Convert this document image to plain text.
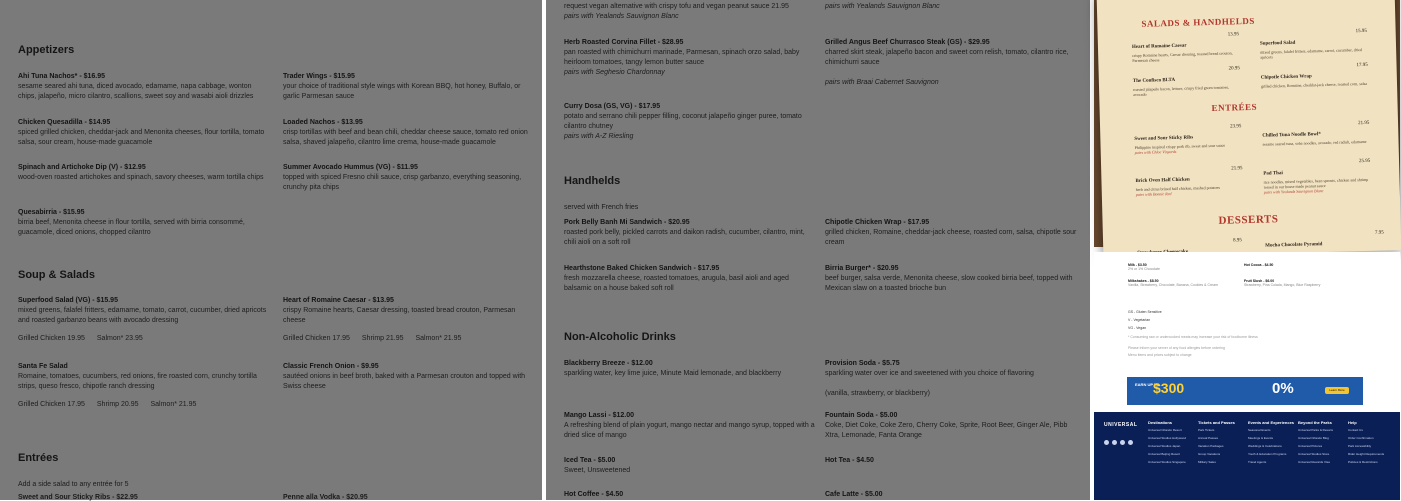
Appetizers
Ahi Tuna Nachos* - $16.95
sesame seared ahi tuna, diced avocado, edamame, napa cabbage, wonton chips, jalapeño, micro cilantro, scallions, sweet soy and wasabi aioli drizzles
Trader Wings - $15.95
your choice of traditional style wings with Korean BBQ, hot honey, Buffalo, or garlic Parmesan sauce
Chicken Quesadilla - $14.95
spiced grilled chicken, cheddar-jack and Menonita cheeses, flour tortilla, tomato salsa, sour cream, house-made guacamole
Loaded Nachos - $13.95
crisp tortillas with beef and bean chili, cheddar cheese sauce, tomato red onion salsa, shaved jalapeño, cilantro lime crema, house-made guacamole
Spinach and Artichoke Dip (V) - $12.95
wood-oven roasted artichokes and spinach, savory cheeses, warm tortilla chips
Summer Avocado Hummus (VG) - $11.95
topped with spiced Fresno chili sauce, crisp garbanzo, everything seasoning, crunchy pita chips
Quesabirria - $15.95
birria beef, Menonita cheese in flour tortilla, served with birria consommé, guacamole, diced onions, chopped cilantro
Soup & Salads
Superfood Salad (VG) - $15.95
mixed greens, falafel fritters, edamame, tomato, carrot, cucumber, dried apricots and roasted garbanzo beans with avocado dressing
Grilled Chicken 19.95 Salmon* 23.95
Heart of Romaine Caesar - $13.95
crispy Romaine hearts, Caesar dressing, toasted bread crouton, Parmesan cheese
Grilled Chicken 17.95 Shrimp 21.95 Salmon* 21.95
Santa Fe Salad
Romaine, tomatoes, cucumbers, red onions, fire roasted corn, crunchy tortilla strips, queso fresco, chipotle ranch dressing
Grilled Chicken 17.95 Shrimp 20.95 Salmon* 21.95
Classic French Onion - $9.95
sautéed onions in beef broth, baked with a Parmesan crouton and topped with Swiss cheese
Entrées
Add a side salad to any entrée for 5
Sweet and Sour Sticky Ribs - $22.95	Penne alla Vodka - $20.95
request vegan alternative with crispy tofu and vegan peanut sauce 21.95
pairs with Yealands Sauvignon Blanc
pairs with Yealands Sauvignon Blanc
Herb Roasted Corvina Fillet - $28.95
pan roasted with chimichurri marinade, Parmesan, spinach orzo salad, baby heirloom tomatoes, tangy lemon butter sauce
pairs with Seghesio Chardonnay
Grilled Angus Beef Churrasco Steak (GS) - $29.95
charred skirt steak, jalapeño bacon and sweet corn relish, tomato, cilantro rice, chimichurri sauce
pairs with Braai Cabernet Sauvignon
Curry Dosa (GS, VG) - $17.95
potato and serrano chili pepper filling, coconut jalapeño ginger puree, tomato cilantro chutney
pairs with A-Z Riesling
Handhelds
served with French fries
Pork Belly Banh Mi Sandwich - $20.95
roasted pork belly, pickled carrots and daikon radish, cucumber, cilantro, mint, chili aioli on a soft roll
Chipotle Chicken Wrap - $17.95
grilled chicken, Romaine, cheddar-jack cheese, roasted corn, salsa, chipotle sour cream
Hearthstone Baked Chicken Sandwich - $17.95
fresh mozzarella cheese, roasted tomatoes, arugula, basil aioli and aged balsamic on a house baked soft roll
Birria Burger* - $20.95
beef burger, salsa verde, Menonita cheese, slow cooked birria beef, topped with Mexican slaw on a toasted brioche bun
Non-Alcoholic Drinks
Blackberry Breeze - $12.00
sparkling water, key lime juice, Minute Maid lemonade, and blackberry
Provision Soda - $5.75
sparkling water over ice and sweetened with you choice of flavoring
(vanilla, strawberry, or blackberry)
Mango Lassi - $12.00
A refreshing blend of plain yogurt, mango nectar and mango syrup, topped with a dried slice of mango
Fountain Soda - $5.00
Coke, Diet Coke, Coke Zero, Cherry Coke, Sprite, Root Beer, Ginger Ale, Pibb Xtra, Lemonade, Fanta Orange
Iced Tea - $5.00
Sweet, Unsweetened
Hot Tea - $4.50
Hot Coffee - $4.50	Cafe Latte - $5.00
SALADS & HANDHELDS
Heart of Romaine Caesar
13.95
crispy Romaine hearts, Caesar dressing, toasted bread crouton, Parmesan cheese
Superfood Salad
15.95
mixed greens, falafel fritters, edamame, carrot, cucumber, dried apricots
The Confisco BLTA
20.95
roasted jalapeño bacon, lettuce, crispy fried green tomatoes, avocado
Chipotle Chicken Wrap
17.95
grilled chicken, Romaine, cheddar-jack cheese, roasted corn, salsa
ENTRÉES
Sweet and Sour Sticky Ribs
23.95
Philippine inspired crispy pork rib, sweet and sour sauce
pairs with Chloe Vinyards
Chilled Tuna Noodle Bowl*
21.95
sesame seared tuna, soba noodles, avocado, red radish, edamame
Brick Oven Half Chicken
21.95
herb and citrus brined half chicken, mashed potatoes
pairs with Bonnie Red
Pad Thai
25.95
rice noodles, mixed vegetables, bean sprouts, chicken and shrimp tossed in our house made peanut sauce
pairs with Yealands Sauvignon Blanc
DESSERTS
8.95
Mocha Chocolate Pyramid
7.95
Milk - $3.50	Hot Cocoa - $4.50
2% or 1% Chocolate
Milkshakes - $8.50	Fruit Slush - $6.00
Vanilla, Strawberry, Chocolate, Banana, Cookies & Cream	Strawberry, Pina Colada, Mango, Blue Raspberry
GS - Gluten Sensitive
V - Vegetarian
VG - Vegan
* Consuming raw or undercooked meats may increase your risk of foodborne illness
Please inform your server of any food allergies before ordering
Menu items and prices subject to change
EARN UP TO
$300	0%	Learn More
UNIVERSAL	Destinations
Universal Orlando Resort
Universal Studios Hollywood
Universal Studios Japan
Universal Beijing Resort
Universal Studios Singapore
Tickets and Passes
Park Tickets
Annual Passes
Vacation Packages
Group Vacations
Military Sales
Events and Experiences
Seasonal Events
Meetings & Events
Weddings & Celebrations
Youth & Education Programs
Travel Agents
Beyond the Parks
Universal Parks & Resorts
Universal Orlando Blog
Universal Pictures
Universal Studios Store
Universal Rewards Visa
Help
Contact Us
Order Confirmation
Park Accessibility
Rider Height Requirements
Policies & Restrictions
